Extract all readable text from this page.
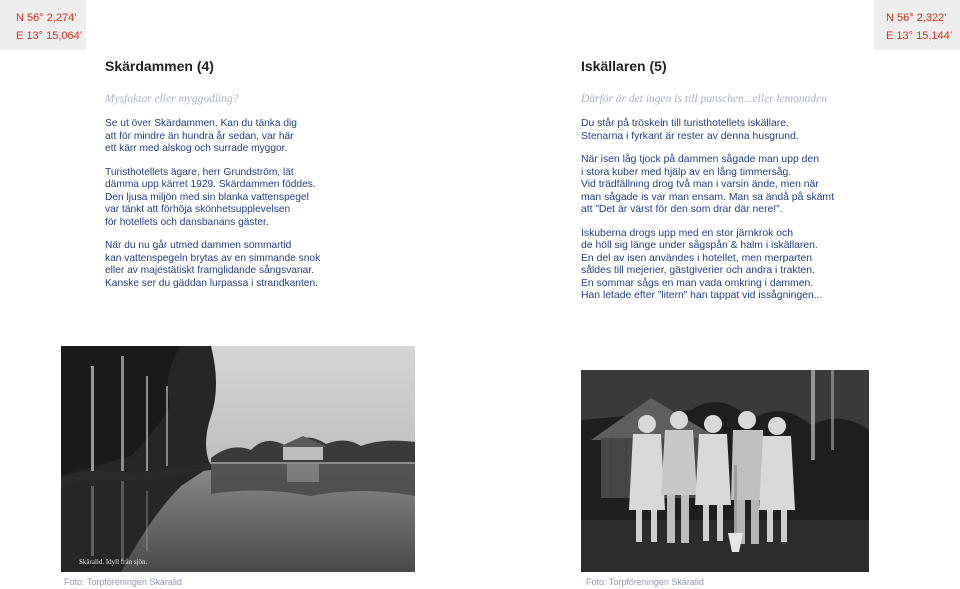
N 56° 2,274’
E 13° 15,064’
N 56° 2,322’
E 13° 15,144’
Skärdammen (4)
Mysfaktor eller myggodling?
Se ut över Skärdammen. Kan du tänka dig
att för mindre än hundra år sedan, var här
ett kärr med alskog och surrade myggor.
Turisthotellets ägare, herr Grundström, lät
dämma upp kärret 1929. Skärdammen föddes.
Den ljusa miljön med sin blanka vattenspegel
var tänkt att förhöja skönhetsupplevelsen
för hotellets och dansbanans gäster.
När du nu går utmed dammen sommartid
kan vattenspegeln brytas av en simmande snok
eller av majestätiskt framglidande sångsvanar.
Kanske ser du gäddan lurpassa i strandkanten.
Iskällaren (5)
Därför är det ingen is till punschen...eller lemonaden
Du står på tröskeln till turisthotellets iskällare.
Stenarna i fyrkant är rester av denna husgrund.
När isen låg tjock på dammen sågade man upp den
i stora kuber med hjälp av en lång timmersåg.
Vid trädfällning drog två man i varsin ände, men när
man sågade is var man ensam. Man sa ändå på skämt
att ”Det är värst för den som drar där nere!”.
Iskuberna drogs upp med en stor järnkrok och
de höll sig länge under sågspån & halm i iskällaren.
En del av isen användes i hotellet, men merparten
såldes till mejerier, gästgiverier och andra i trakten.
En sommar sågs en man vada omkring i dammen.
Han letade efter ”litern” han tappat vid issågningen...
Skäralid. Idyll från sjön.
Foto: Torpföreningen Skäralid	Foto: Torpföreningen Skäralid
